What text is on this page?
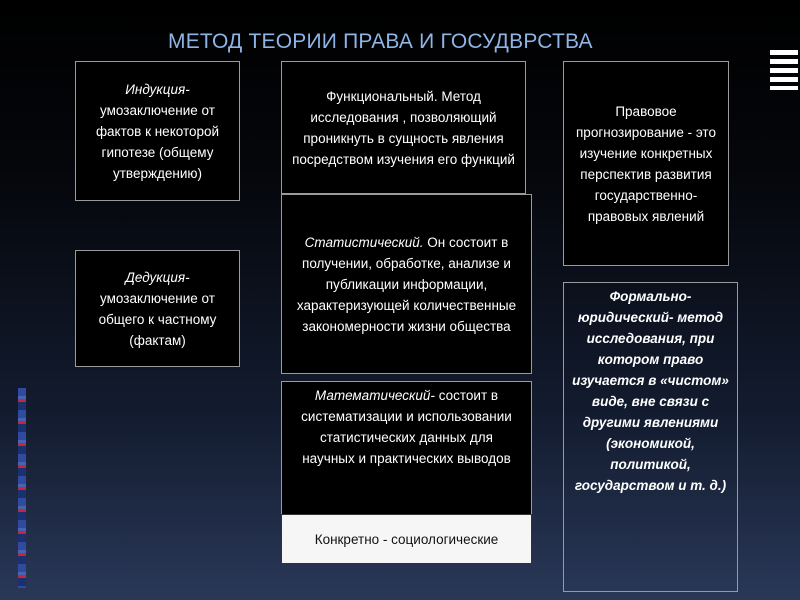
МЕТОД ТЕОРИИ ПРАВА И ГОСУДВРСТВА
Индукция-
умозаключение от фактов к некоторой гипотезе (общему утверждению)
Дедукция-
умозаключение от общего к частному (фактам)
Функциональный. Метод исследования , позволяющий проникнуть в сущность явления посредством изучения его функций
Статистический. Он состоит в получении, обработке, анализе и публикации информации, характеризующей количественные закономерности жизни общества
Математический- состоит в систематизации и использовании статистических данных для научных и практических выводов
Конкретно - социологические
Правовое прогнозирование - это изучение конкретных перспектив развития государственно- правовых явлений
Формально- юридический- метод исследования, при котором право изучается в «чистом» виде, вне связи с другими явлениями (экономикой, политикой, государством и т. д.)
